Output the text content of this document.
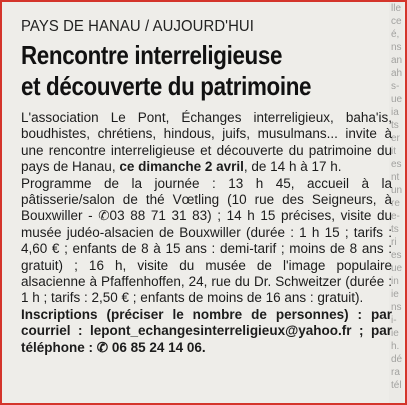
lle
ce
é,
ns
an
ah
s-
ue
ia
ts
er
it
es
nt
un
re
e-
ts
ri
es
ue
in
ie
ns
i-
ie
h.
dé
ra
tél
PAYS DE HANAU / AUJOURD'HUI
Rencontre interreligieuse
et découverte du patrimoine

L'association Le Pont, Échanges interreligieux, baha'is, boudhistes, chrétiens, hindous, juifs, musulmans... invite à une rencontre interreligieuse et découverte du patrimoine du pays de Hanau, ce dimanche 2 avril, de 14 h à 17 h.

Programme de la journée : 13 h 45, accueil à la pâtisserie/salon de thé Vœtling (10 rue des Seigneurs, à Bouxwiller - ✆03 88 71 31 83) ; 14 h 15 précises, visite du musée judéo-alsacien de Bouxwiller (durée : 1 h 15 ; tarifs : 4,60 € ; enfants de 8 à 15 ans : demi-tarif ; moins de 8 ans : gratuit) ; 16 h, visite du musée de l'image populaire alsacienne à Pfaffenhoffen, 24, rue du Dr. Schweitzer (durée : 1 h ; tarifs : 2,50 € ; enfants de moins de 16 ans : gratuit).

Inscriptions (préciser le nombre de personnes) : par courriel : lepont_echangesinterreligieux@yahoo.fr ; par téléphone : ✆ 06 85 24 14 06.
